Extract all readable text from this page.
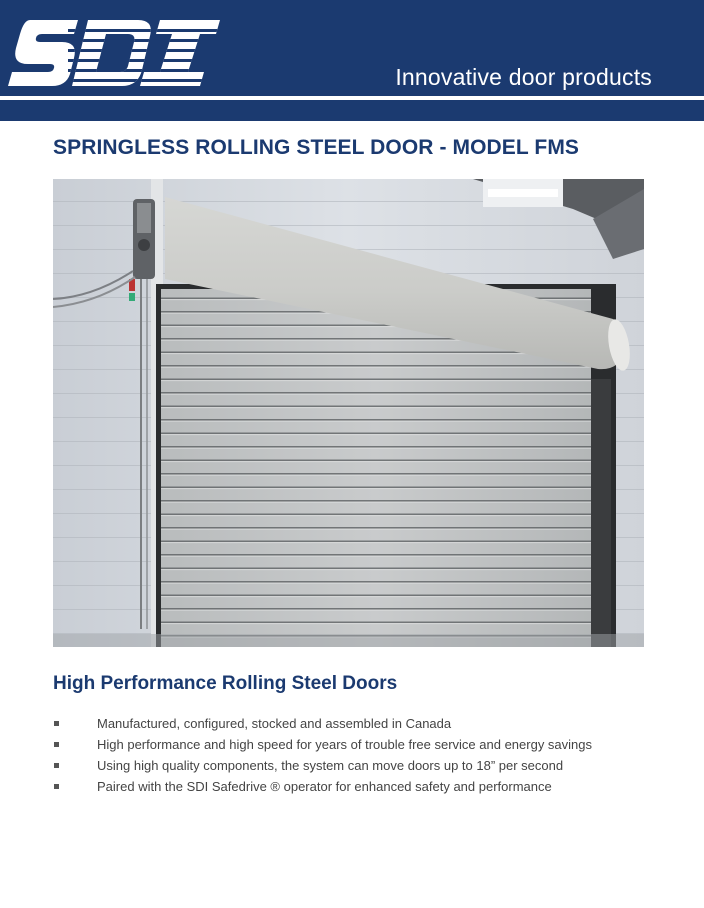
Innovative door products
SPRINGLESS ROLLING STEEL DOOR - MODEL FMS
High Performance Rolling Steel Doors
Manufactured, configured, stocked and assembled in Canada
High performance and high speed for years of trouble free service and energy savings
Using high quality components, the system can move doors up to 18” per second
Paired with the SDI Safedrive ® operator for enhanced safety and performance
